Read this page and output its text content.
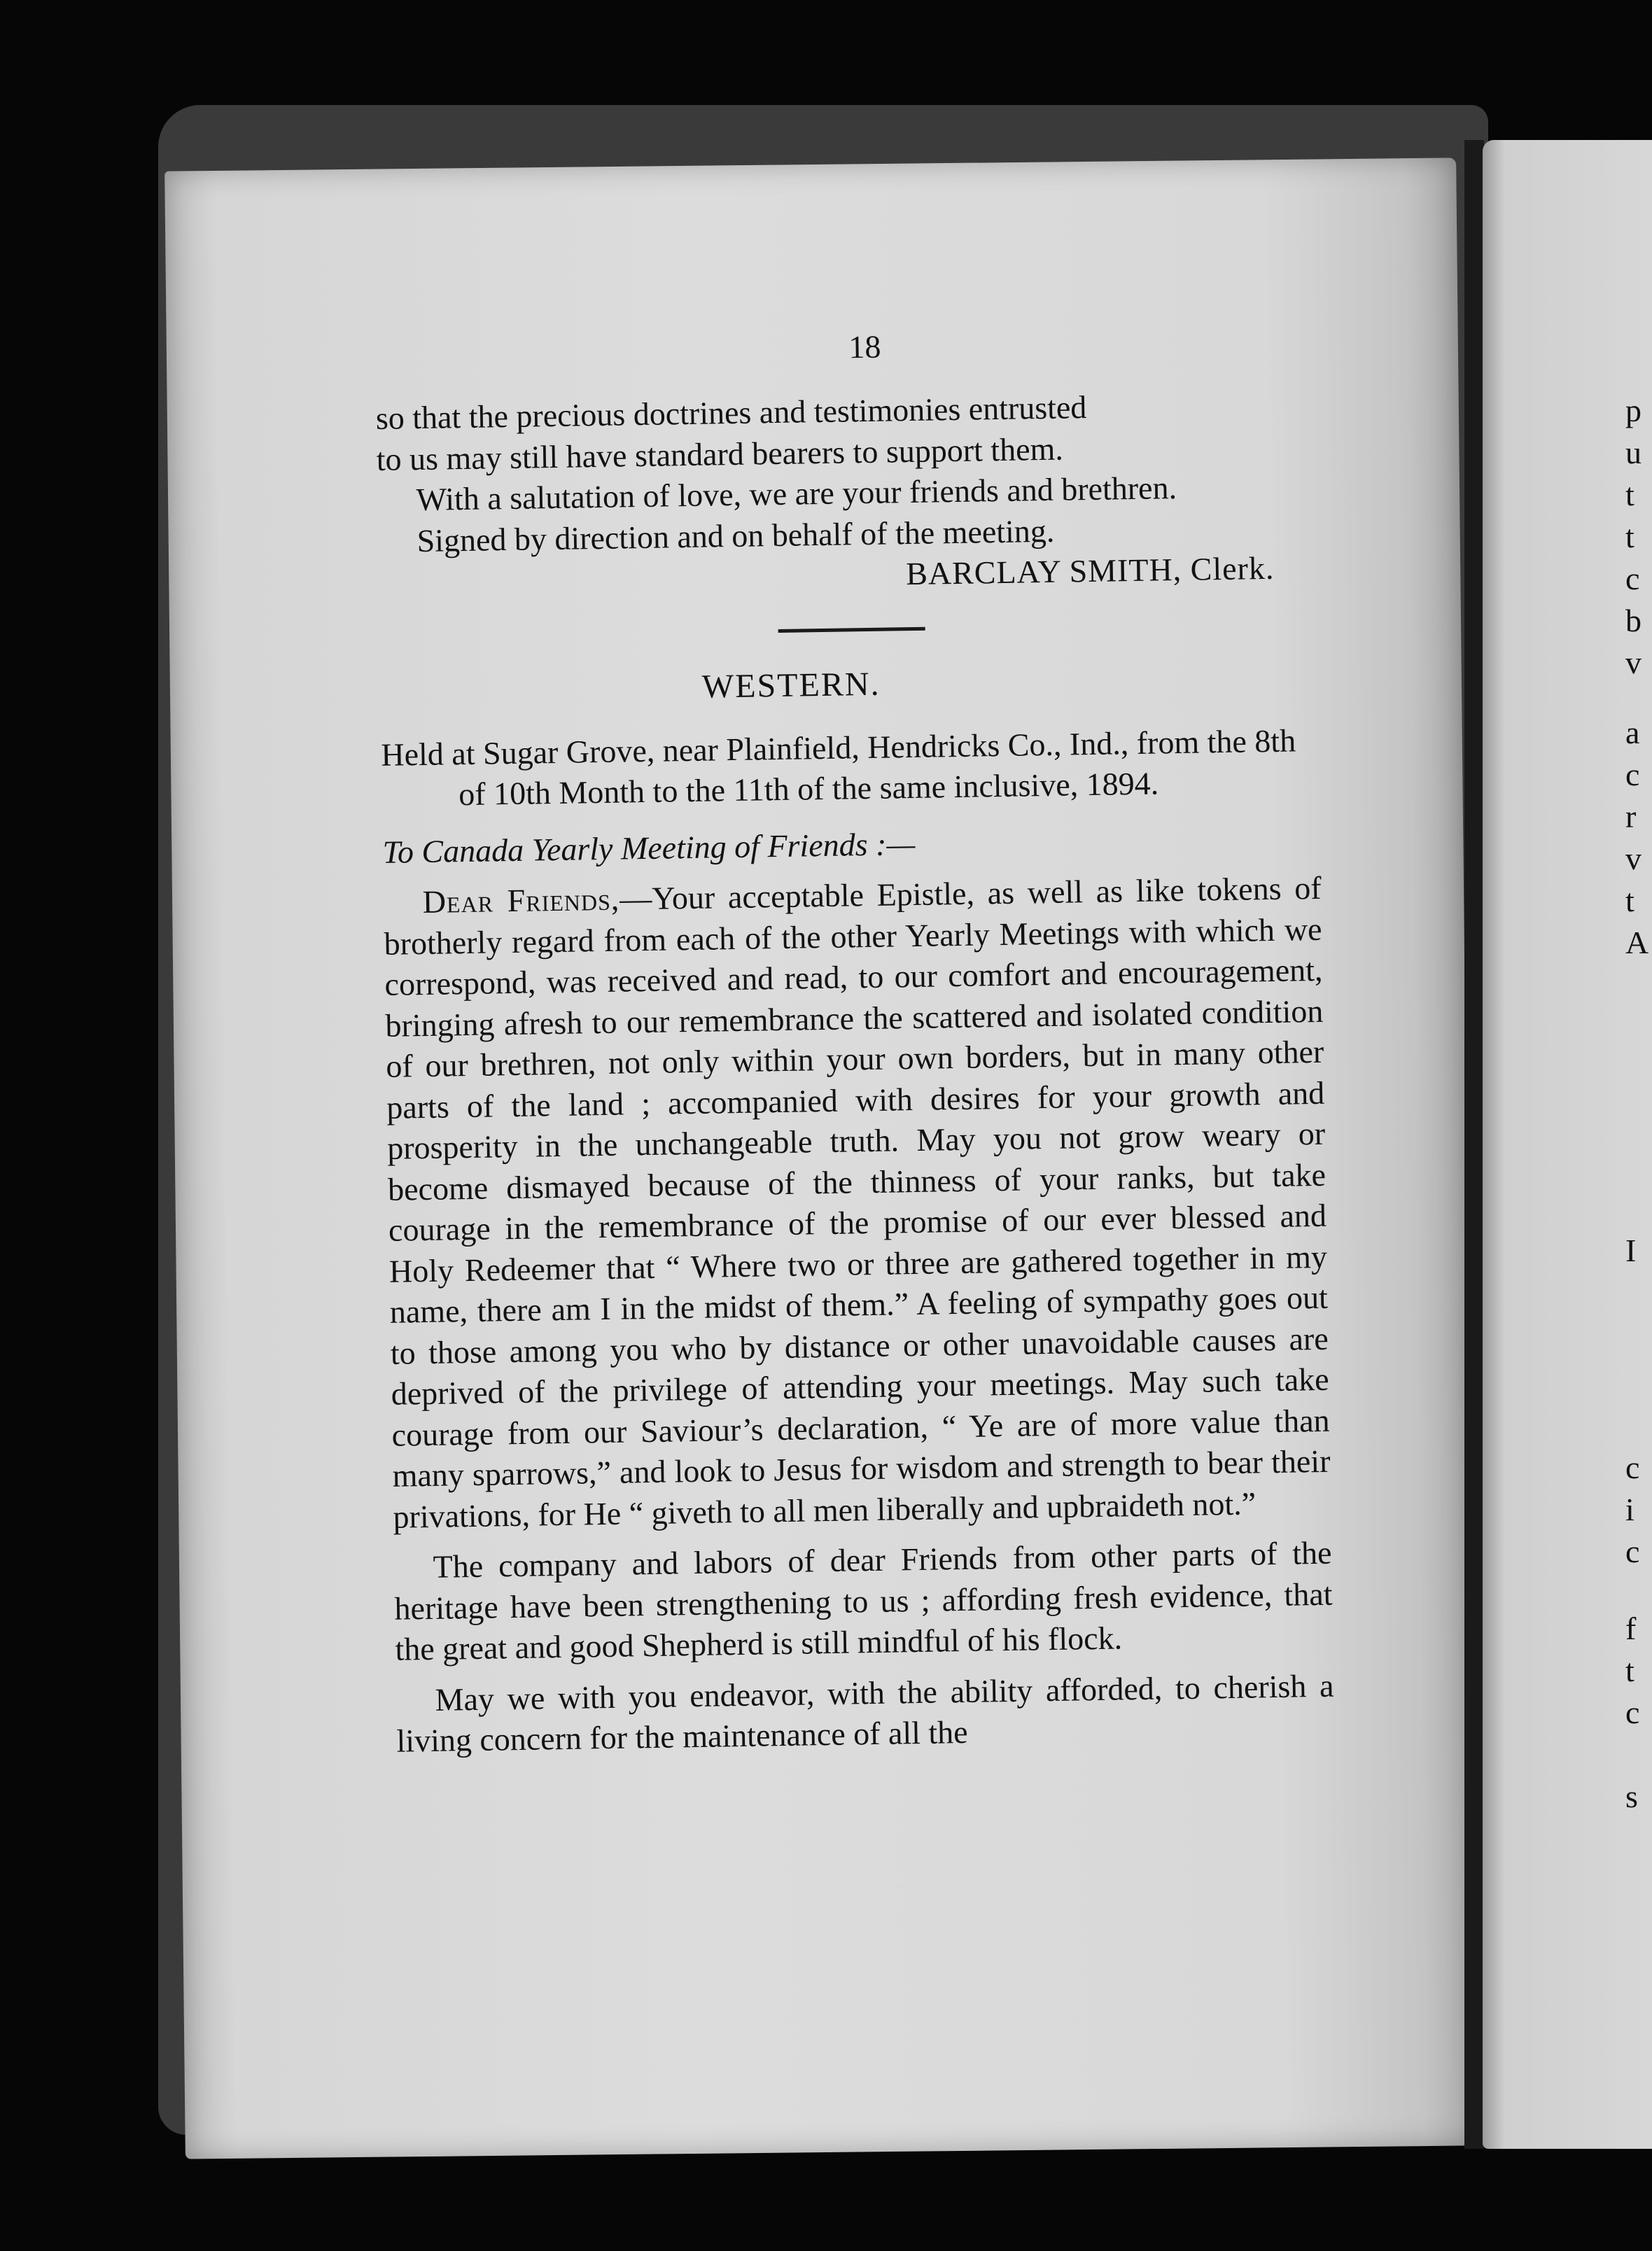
p
u
t
t
c
b
v
a
c
r
v
t
A
I
c
i
c
f
t
c
s
18

so that the precious doctrines and testimonies entrusted

to us may still have standard bearers to support them.

With a salutation of love, we are your friends and brethren.

Signed by direction and on behalf of the meeting.

BARCLAY SMITH, Clerk.

WESTERN.

Held at Sugar Grove, near Plainfield, Hendricks Co., Ind., from the 8th of 10th Month to the 11th of the same inclusive, 1894.

To Canada Yearly Meeting of Friends :—

Dear Friends,—Your acceptable Epistle, as well as like tokens of brotherly regard from each of the other Yearly Meetings with which we correspond, was received and read, to our comfort and encouragement, bringing afresh to our remembrance the scattered and isolated condition of our brethren, not only within your own borders, but in many other parts of the land ; accompanied with desires for your growth and prosperity in the unchangeable truth. May you not grow weary or become dismayed because of the thinness of your ranks, but take courage in the remembrance of the promise of our ever blessed and Holy Redeemer that “ Where two or three are gathered together in my name, there am I in the midst of them.” A feeling of sympathy goes out to those among you who by distance or other unavoidable causes are deprived of the privilege of attending your meetings. May such take courage from our Saviour’s declaration, “ Ye are of more value than many sparrows,” and look to Jesus for wisdom and strength to bear their privations, for He “ giveth to all men liberally and upbraideth not.”

The company and labors of dear Friends from other parts of the heritage have been strengthening to us ; affording fresh evidence, that the great and good Shepherd is still mindful of his flock.

May we with you endeavor, with the ability afforded, to cherish a living concern for the maintenance of all the
